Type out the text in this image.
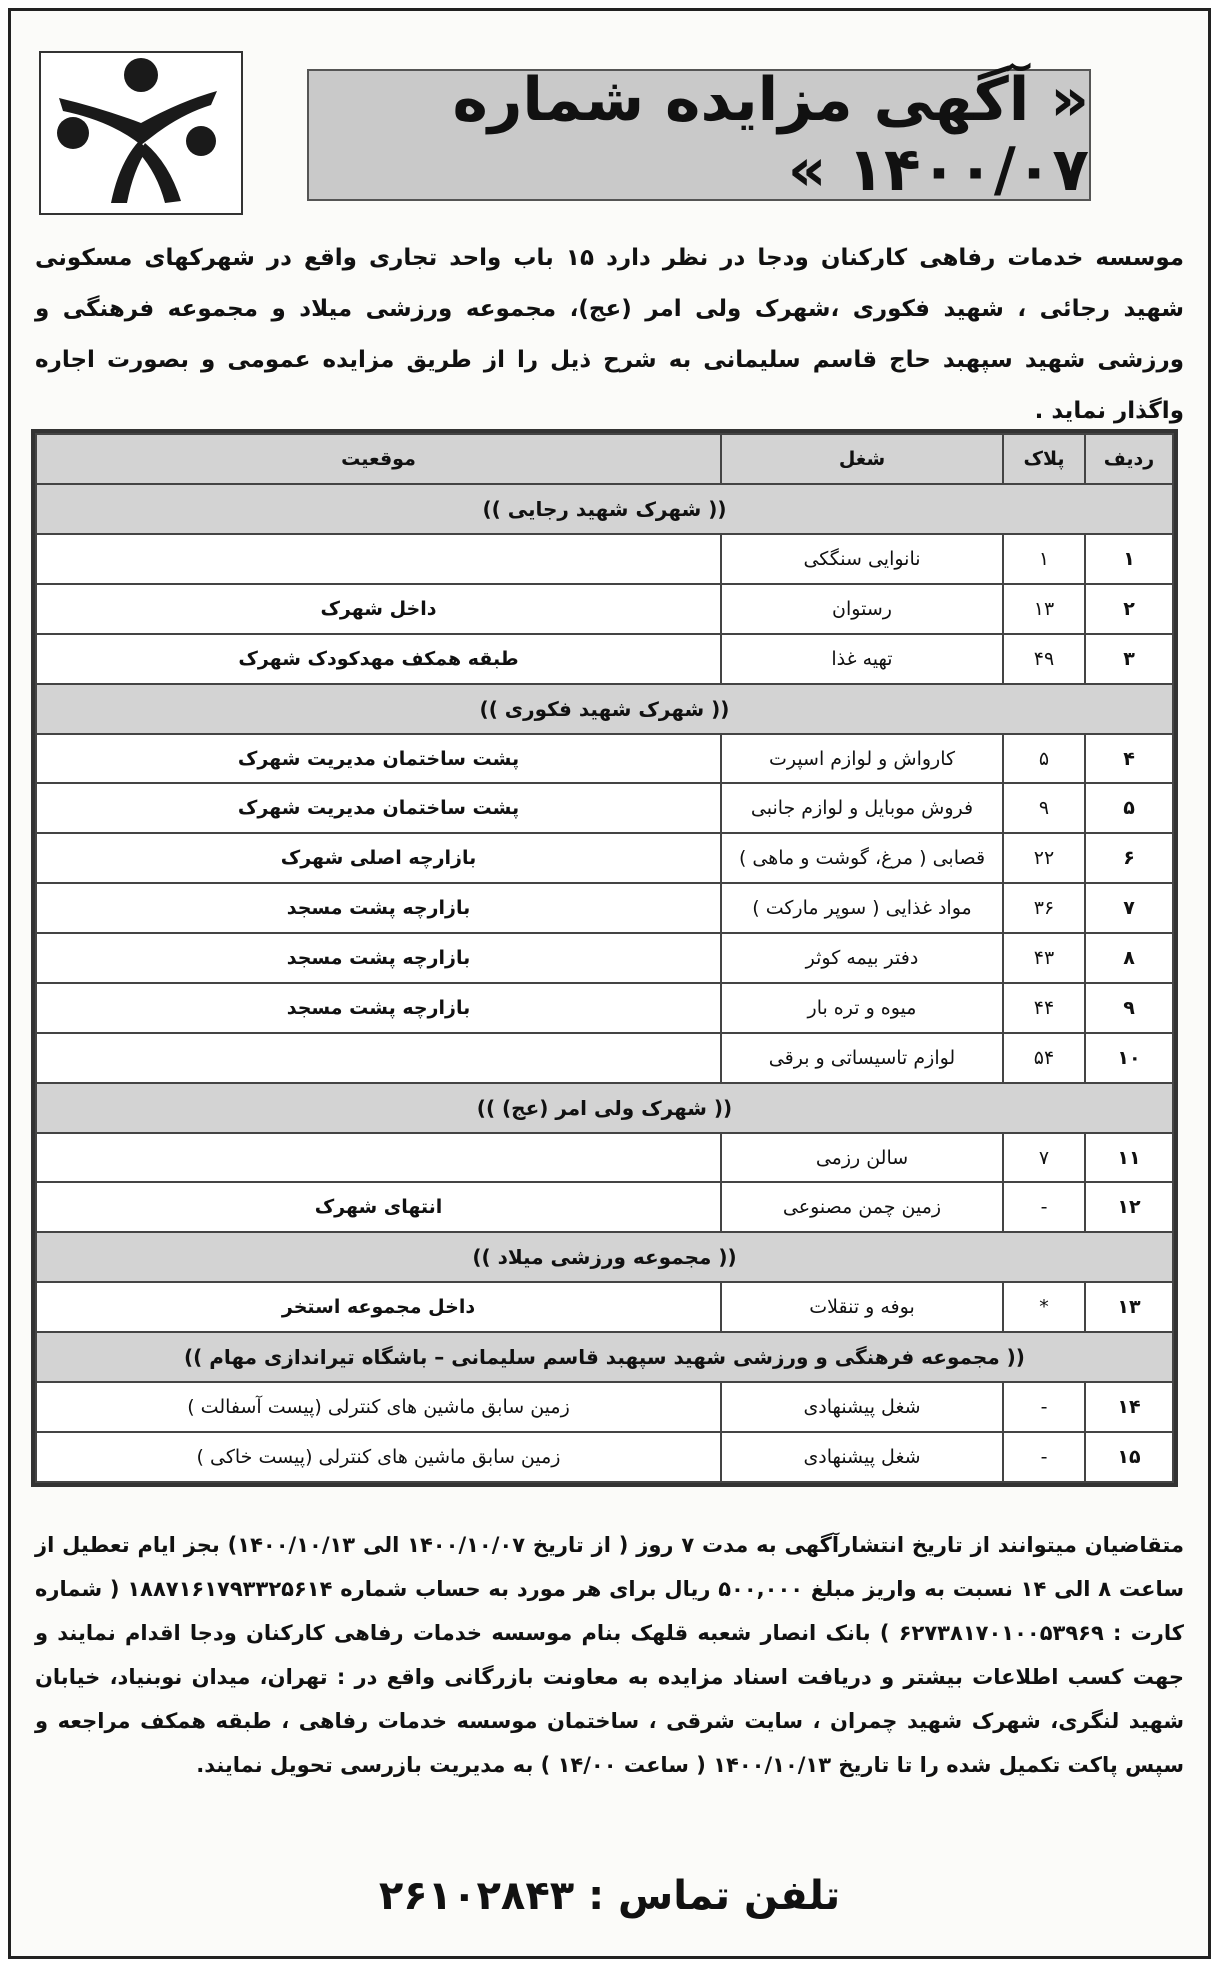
« آگهی مزایده شماره ۱۴۰۰/۰۷ »
موسسه خدمات رفاهی کارکنان ودجا در نظر دارد ۱۵ باب واحد تجاری واقع در شهرکهای مسکونی شهید رجائی ، شهید فکوری ،شهرک ولی امر (عج)، مجموعه ورزشی میلاد و مجموعه فرهنگی و ورزشی شهید سپهبد حاج قاسم سلیمانی به شرح ذیل را از طریق مزایده عمومی و بصورت اجاره واگذار نماید .
ردیف	پلاک	شغل	موقعیت
(( شهرک شهید رجایی ))			
۱	۱	نانوایی سنگکی	
۲	۱۳	رستوان	داخل شهرک
۳	۴۹	تهیه غذا	طبقه همکف مهدکودک شهرک
(( شهرک شهید فکوری ))			
۴	۵	کارواش و لوازم اسپرت	پشت ساختمان مدیریت شهرک
۵	۹	فروش موبایل و لوازم جانبی	پشت ساختمان مدیریت شهرک
۶	۲۲	قصابی ( مرغ، گوشت و ماهی )	بازارچه اصلی شهرک
۷	۳۶	مواد غذایی ( سوپر مارکت )	بازارچه پشت مسجد
۸	۴۳	دفتر بیمه کوثر	بازارچه پشت مسجد
۹	۴۴	میوه و تره بار	بازارچه پشت مسجد
۱۰	۵۴	لوازم تاسیساتی و برقی	
(( شهرک ولی امر (عج) ))			
۱۱	۷	سالن رزمی	
۱۲	-	زمین چمن مصنوعی	انتهای شهرک
(( مجموعه ورزشی میلاد ))			
۱۳	*	بوفه و تنقلات	داخل مجموعه استخر
(( مجموعه فرهنگی و ورزشی شهید سپهبد قاسم سلیمانی – باشگاه تیراندازی مهام ))			
۱۴	-	شغل پیشنهادی	زمین سابق ماشین های کنترلی (پیست آسفالت )
۱۵	-	شغل پیشنهادی	زمین سابق ماشین های کنترلی (پیست خاکی )
متقاضیان میتوانند از تاریخ انتشارآگهی به مدت ۷ روز ( از تاریخ ۱۴۰۰/۱۰/۰۷ الی ۱۴۰۰/۱۰/۱۳) بجز ایام تعطیل از ساعت ۸ الی ۱۴ نسبت به واریز مبلغ ۵۰۰,۰۰۰ ریال برای هر مورد به حساب شماره ۱۸۸۷۱۶۱۷۹۳۳۲۵۶۱۴ ( شماره کارت : ۶۲۷۳۸۱۷۰۱۰۰۵۳۹۶۹ ) بانک انصار شعبه قلهک بنام موسسه خدمات رفاهی کارکنان ودجا اقدام نمایند و جهت کسب اطلاعات بیشتر و دریافت اسناد مزایده به معاونت بازرگانی واقع در : تهران، میدان نوبنیاد، خیابان شهید لنگری، شهرک شهید چمران ، سایت شرقی ، ساختمان موسسه خدمات رفاهی ، طبقه همکف مراجعه و سپس پاکت تکمیل شده را تا تاریخ ۱۴۰۰/۱۰/۱۳ ( ساعت ۱۴/۰۰ ) به مدیریت بازرسی تحویل نمایند.
تلفن تماس : ۲۶۱۰۲۸۴۳
